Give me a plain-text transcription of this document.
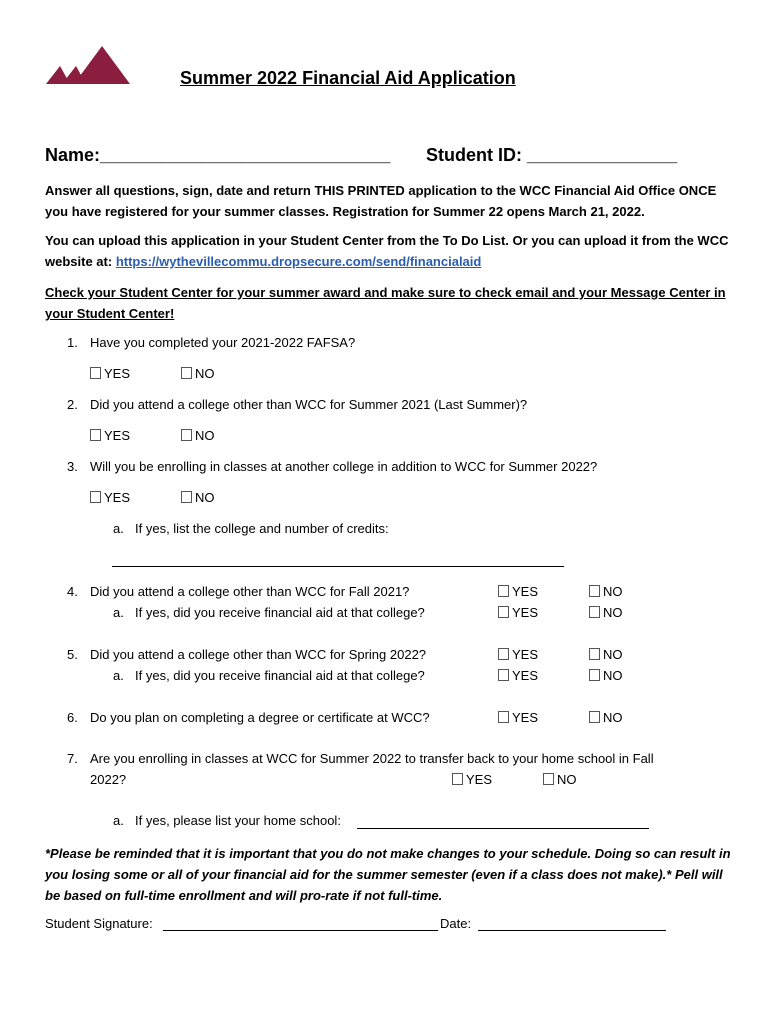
Summer 2022 Financial Aid Application
Name:_____________________________ Student ID: _______________
Answer all questions, sign, date and return THIS PRINTED application to the WCC Financial Aid Office ONCE you have registered for your summer classes. Registration for Summer 22 opens March 21, 2022.
You can upload this application in your Student Center from the To Do List. Or you can upload it from the WCC website at: https://wythevillecommu.dropsecure.com/send/financialaid
Check your Student Center for your summer award and make sure to check email and your Message Center in your Student Center!
1. Have you completed your 2021-2022 FAFSA?
YES	NO
2. Did you attend a college other than WCC for Summer 2021 (Last Summer)?
YES	NO
3. Will you be enrolling in classes at another college in addition to WCC for Summer 2022?
YES	NO
a. If yes, list the college and number of credits:
4. Did you attend a college other than WCC for Fall 2021?	YES	NO
a. If yes, did you receive financial aid at that college?	YES	NO
5. Did you attend a college other than WCC for Spring 2022?	YES	NO
a. If yes, did you receive financial aid at that college?	YES	NO
6. Do you plan on completing a degree or certificate at WCC?	YES	NO
7. Are you enrolling in classes at WCC for Summer 2022 to transfer back to your home school in Fall
2022?	YES	NO
a. If yes, please list your home school:
*Please be reminded that it is important that you do not make changes to your schedule. Doing so can result in you losing some or all of your financial aid for the summer semester (even if a class does not make).* Pell will be based on full-time enrollment and will pro-rate if not full-time.
Student Signature:	Date:
